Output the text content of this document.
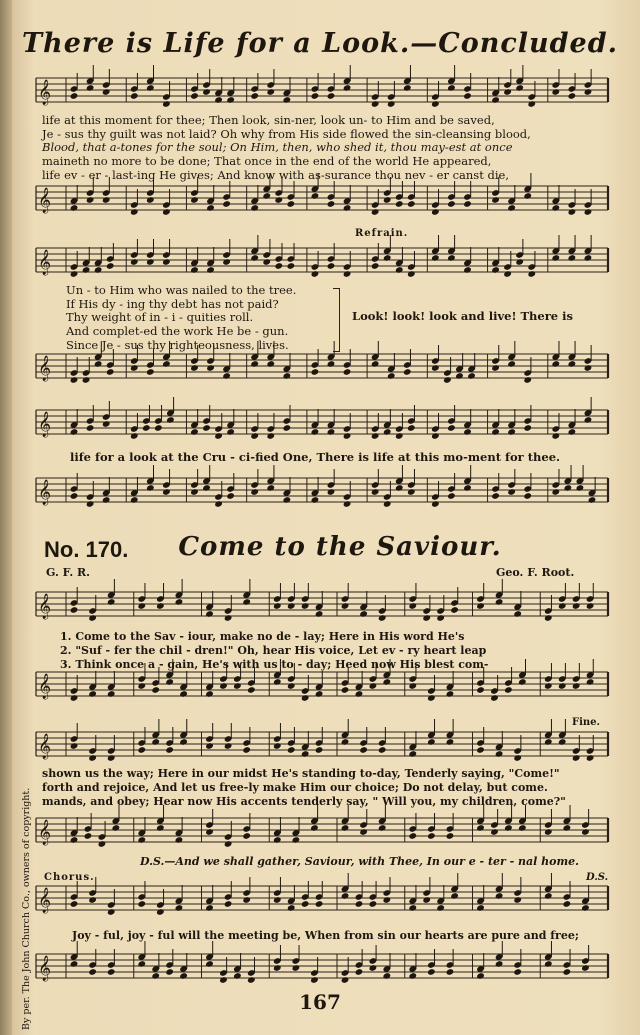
There is Life for a Look.—Concluded.
𝄞
𝄞
𝄞
𝄞
𝄞
𝄞
𝄞
𝄞
𝄞
𝄞
𝄞
𝄞
life at this moment for thee; Then look, sin-ner, look un- to Him and be saved,
Je - sus thy guilt was not laid? Oh why from His side flowed the sin-cleansing blood,
Blood, that a-tones for the soul; On Him, then, who shed it, thou may-est at once
maineth no more to be done; That once in the end of the world He appeared,
life ev - er - last-ing He gives; And know with as-surance thou nev - er canst die,
Un - to Him who was nailed to the tree.
If His dy - ing thy debt has not paid?
Thy weight of in - i - quities roll.
And complet-ed the work He be - gun.
Since Je - sus thy righteousness, lives.
Refrain.
Look! look! look and live! There is
life for a look at the Cru - ci-fied One, There is life at this mo-ment for thee.
No. 170.	Come to the Saviour.
G. F. R.	Geo. F. Root.
1. Come to the Sav - iour, make no de - lay; Here in His word He's
2. "Suf - fer the chil - dren!" Oh, hear His voice, Let ev - ry heart leap
3. Think once a - gain, He's with us to - day; Heed now His blest com-
Fine.
shown us the way; Here in our midst He's standing to-day, Tenderly saying, "Come!"
forth and rejoice, And let us free-ly make Him our choice; Do not delay, but come.
mands, and obey; Hear now His accents tenderly say, " Will you, my children, come?"
D.S.—And we shall gather, Saviour, with Thee, In our e - ter - nal home.
Chorus.	D.S.
Joy - ful, joy - ful will the meeting be, When from sin our hearts are pure and free;
By per. The John Church Co., owners of copyright.	167
